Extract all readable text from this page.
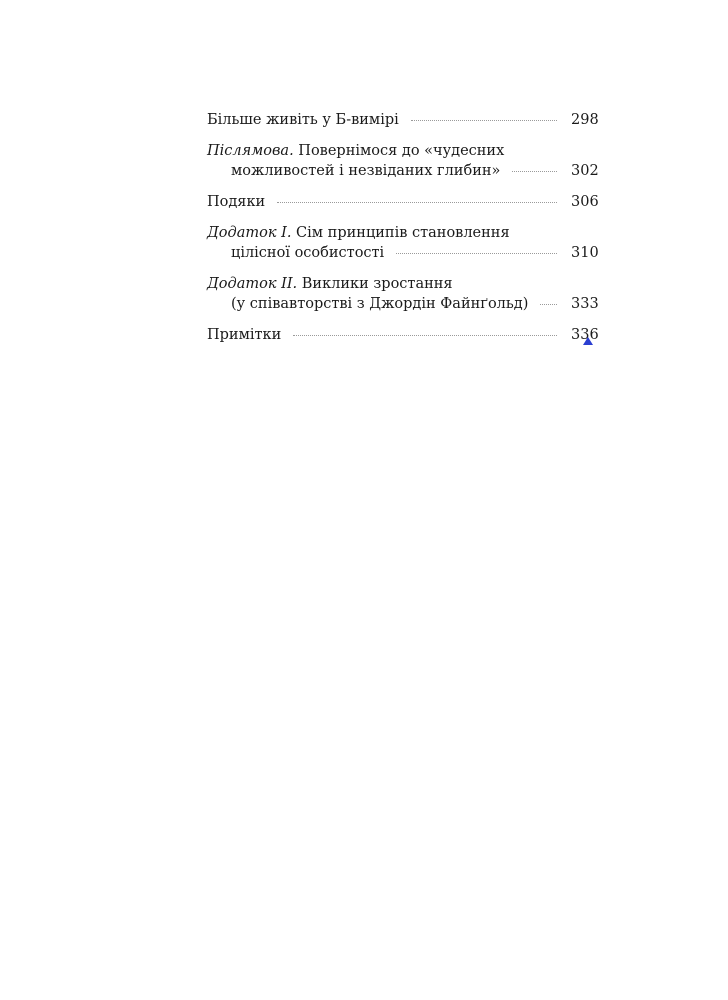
Більше живіть у Б-вимірі	298
Післямова. Повернімося до «чудесних
можливостей і незвіданих глибин»	302
Подяки	306
Додаток І. Сім принципів становлення
цілісної особистості	310
Додаток ІІ. Виклики зростання
(у співавторстві з Джордін Файнґольд)	333
Примітки	336
